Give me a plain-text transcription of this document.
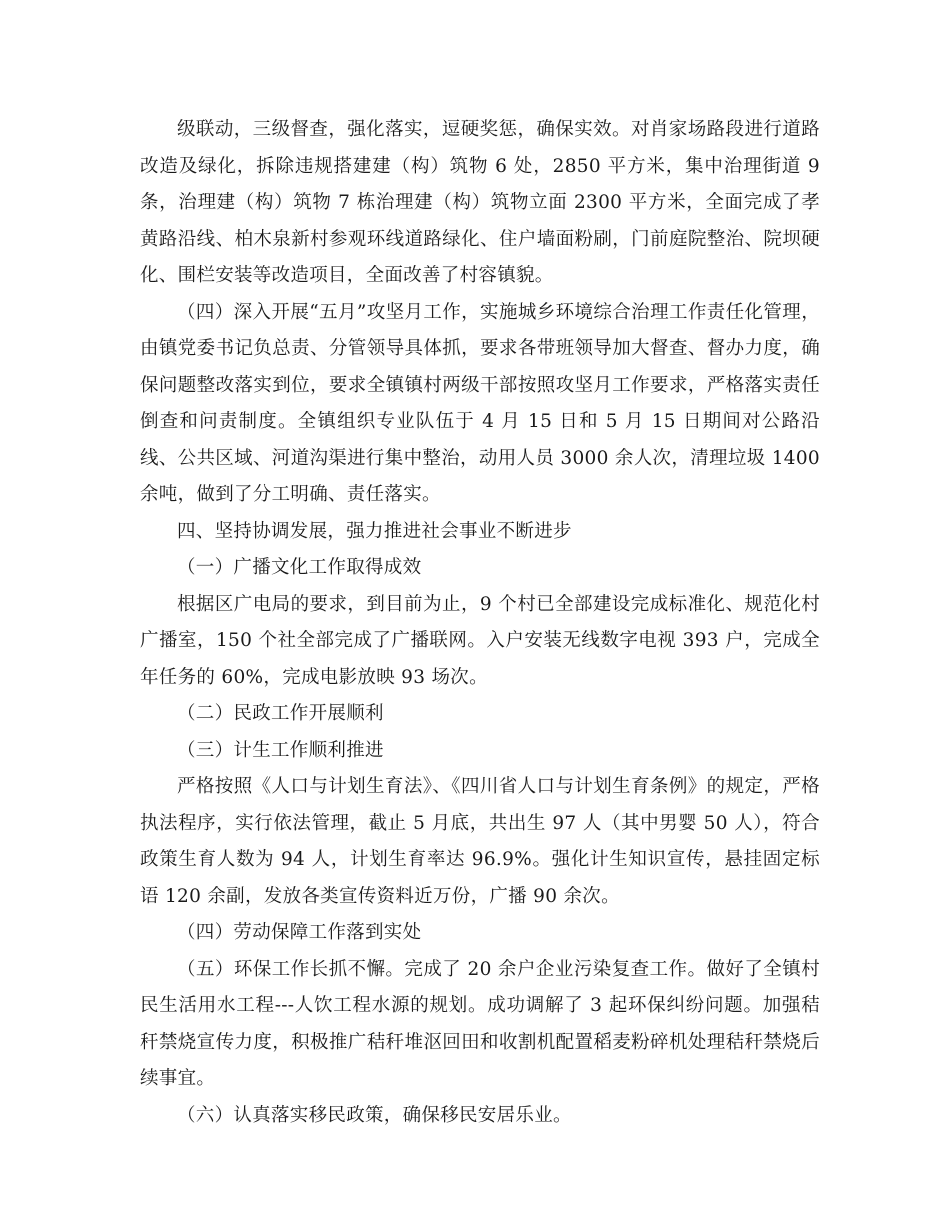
级联动，三级督查，强化落实，逗硬奖惩，确保实效。对肖家场路段进行道路改造及绿化，拆除违规搭建建（构）筑物 6 处，2850 平方米，集中治理街道 9 条，治理建（构）筑物 7 栋治理建（构）筑物立面 2300 平方米，全面完成了孝黄路沿线、柏木泉新村参观环线道路绿化、住户墙面粉刷，门前庭院整治、院坝硬化、围栏安装等改造项目，全面改善了村容镇貌。

（四）深入开展“五月”攻坚月工作，实施城乡环境综合治理工作责任化管理，由镇党委书记负总责、分管领导具体抓，要求各带班领导加大督查、督办力度，确保问题整改落实到位，要求全镇镇村两级干部按照攻坚月工作要求，严格落实责任倒查和问责制度。全镇组织专业队伍于 4 月 15 日和 5 月 15 日期间对公路沿线、公共区域、河道沟渠进行集中整治，动用人员 3000 余人次，清理垃圾 1400 余吨，做到了分工明确、责任落实。

四、坚持协调发展，强力推进社会事业不断进步

（一）广播文化工作取得成效

根据区广电局的要求，到目前为止，9 个村已全部建设完成标准化、规范化村广播室，150 个社全部完成了广播联网。入户安装无线数字电视 393 户，完成全年任务的 60%，完成电影放映 93 场次。

（二）民政工作开展顺利

（三）计生工作顺利推进

严格按照《人口与计划生育法》、《四川省人口与计划生育条例》的规定，严格执法程序，实行依法管理，截止 5 月底，共出生 97 人（其中男婴 50 人），符合政策生育人数为 94 人，计划生育率达 96.9%。强化计生知识宣传，悬挂固定标语 120 余副，发放各类宣传资料近万份，广播 90 余次。

（四）劳动保障工作落到实处

（五）环保工作长抓不懈。完成了 20 余户企业污染复查工作。做好了全镇村民生活用水工程---人饮工程水源的规划。成功调解了 3 起环保纠纷问题。加强秸秆禁烧宣传力度，积极推广秸秆堆沤回田和收割机配置稻麦粉碎机处理秸秆禁烧后续事宜。

（六）认真落实移民政策，确保移民安居乐业。
